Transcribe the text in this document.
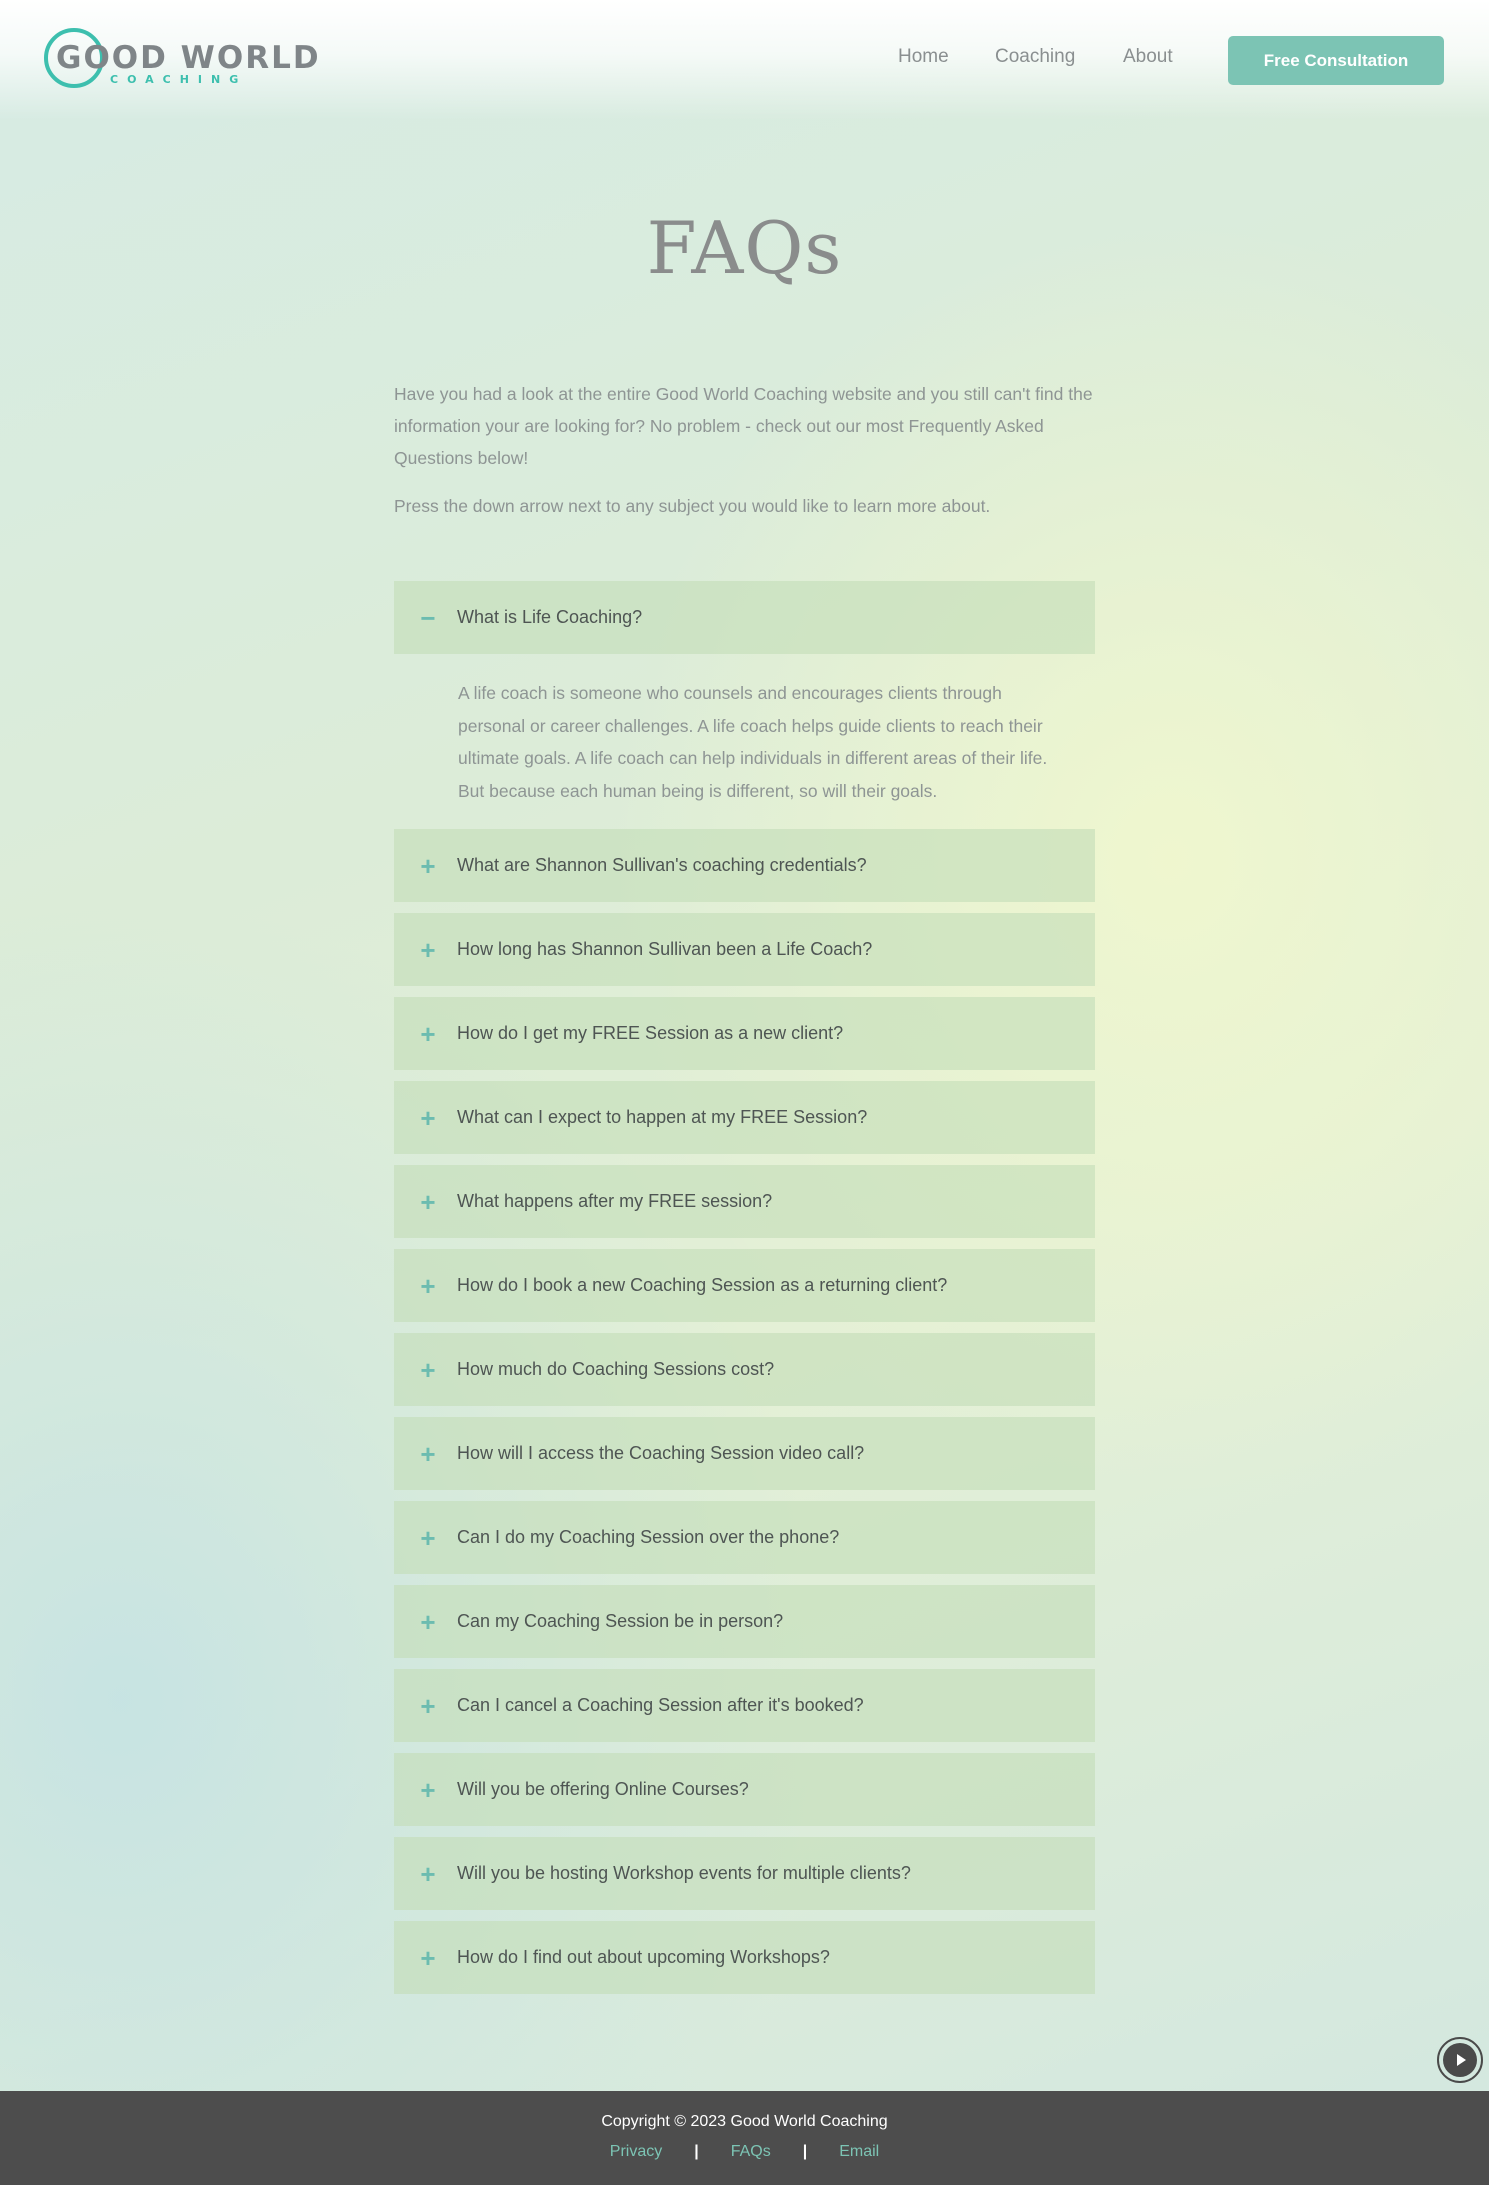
GOOD WORLD
COACHING
Home Coaching	About	Free Consultation
FAQs

Have you had a look at the entire Good World Coaching website and you still can't find the information your are looking for? No problem - check out our most Frequently Asked Questions below!

Press the down arrow next to any subject you would like to learn more about.

− What is Life Coaching?
A life coach is someone who counsels and encourages clients through personal or career challenges. A life coach helps guide clients to reach their ultimate goals. A life coach can help individuals in different areas of their life. But because each human being is different, so will their goals.
+ What are Shannon Sullivan's coaching credentials?
+ How long has Shannon Sullivan been a Life Coach?
+ How do I get my FREE Session as a new client?
+ What can I expect to happen at my FREE Session?
+ What happens after my FREE session?
+ How do I book a new Coaching Session as a returning client?
+ How much do Coaching Sessions cost?
+ How will I access the Coaching Session video call?
+ Can I do my Coaching Session over the phone?
+ Can my Coaching Session be in person?
+ Can I cancel a Coaching Session after it's booked?
+ Will you be offering Online Courses?
+ Will you be hosting Workshop events for multiple clients?
+ How do I find out about upcoming Workshops?
Copyright © 2023 Good World Coaching
Privacy | FAQs | Email
